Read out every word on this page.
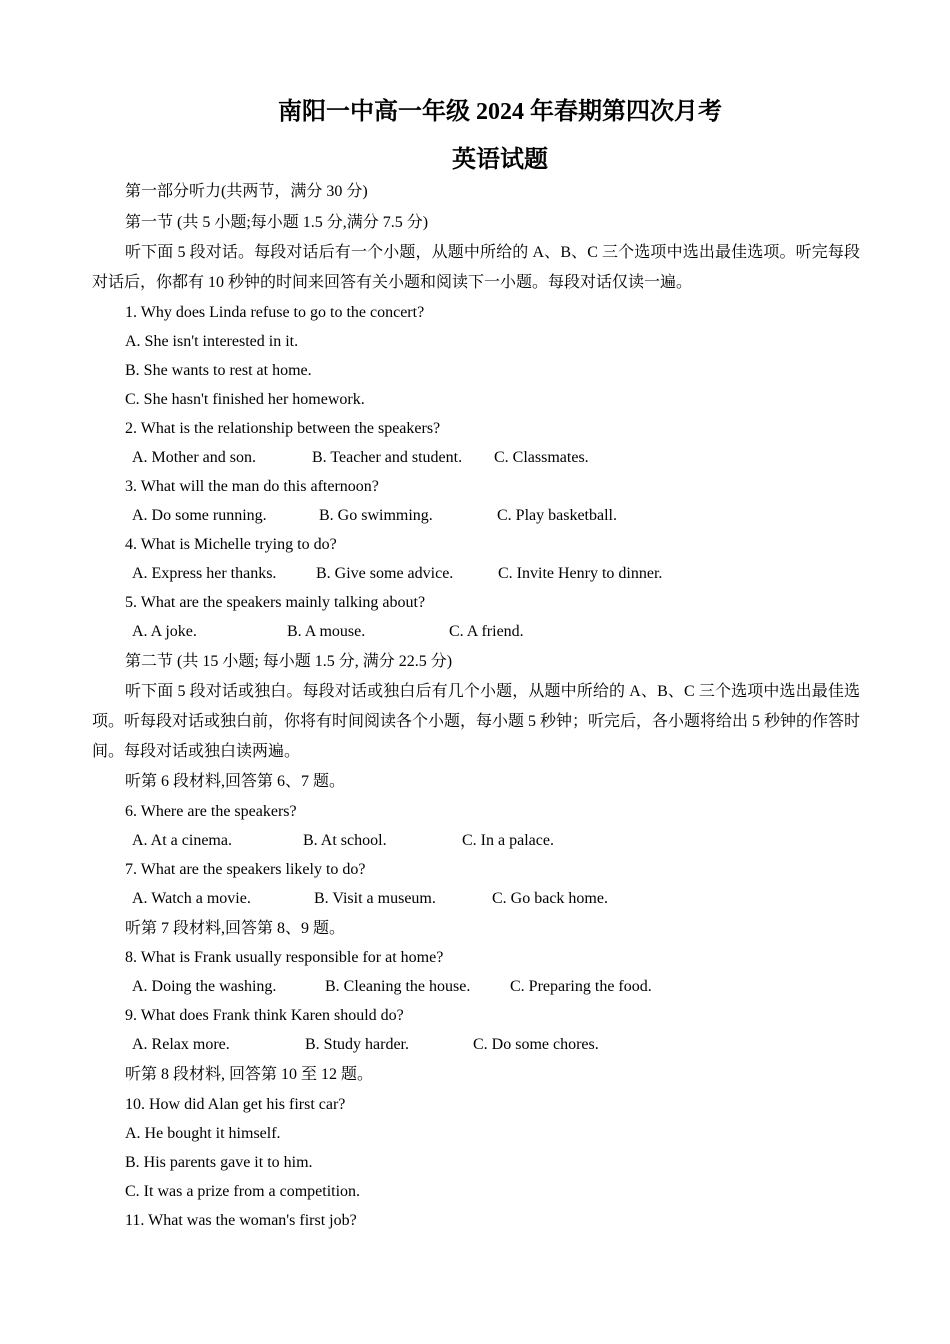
南阳一中高一年级 2024 年春期第四次月考
英语试题
第一部分听力(共两节，满分 30 分)
第一节 (共 5 小题;每小题 1.5 分,满分 7.5 分)
听下面 5 段对话。每段对话后有一个小题，从题中所给的 A、B、C 三个选项中选出最佳选项。听完每段对话后，你都有 10 秒钟的时间来回答有关小题和阅读下一小题。每段对话仅读一遍。
1. Why does Linda refuse to go to the concert?
A. She isn't interested in it.
B. She wants to rest at home.
C. She hasn't finished her homework.
2. What is the relationship between the speakers?
A. Mother and son.	B. Teacher and student. C. Classmates.
3. What will the man do this afternoon?
A. Do some running.	B. Go swimming.	C. Play basketball.
4. What is Michelle trying to do?
A. Express her thanks. B. Give some advice.	C. Invite Henry to dinner.
5. What are the speakers mainly talking about?
A. A joke.	B. A mouse.	C. A friend.
第二节 (共 15 小题; 每小题 1.5 分, 满分 22.5 分)
听下面 5 段对话或独白。每段对话或独白后有几个小题，从题中所给的 A、B、C 三个选项中选出最佳选项。听每段对话或独白前，你将有时间阅读各个小题，每小题 5 秒钟；听完后，各小题将给出 5 秒钟的作答时间。每段对话或独白读两遍。
听第 6 段材料,回答第 6、7 题。
6. Where are the speakers?
A. At a cinema.	B. At school.	C. In a palace.
7. What are the speakers likely to do?
A. Watch a movie.	B. Visit a museum.	C. Go back home.
听第 7 段材料,回答第 8、9 题。
8. What is Frank usually responsible for at home?
A. Doing the washing.	B. Cleaning the house. C. Preparing the food.
9. What does Frank think Karen should do?
A. Relax more.	B. Study harder.	C. Do some chores.
听第 8 段材料, 回答第 10 至 12 题。
10. How did Alan get his first car?
A. He bought it himself.
B. His parents gave it to him.
C. It was a prize from a competition.
11. What was the woman's first job?
